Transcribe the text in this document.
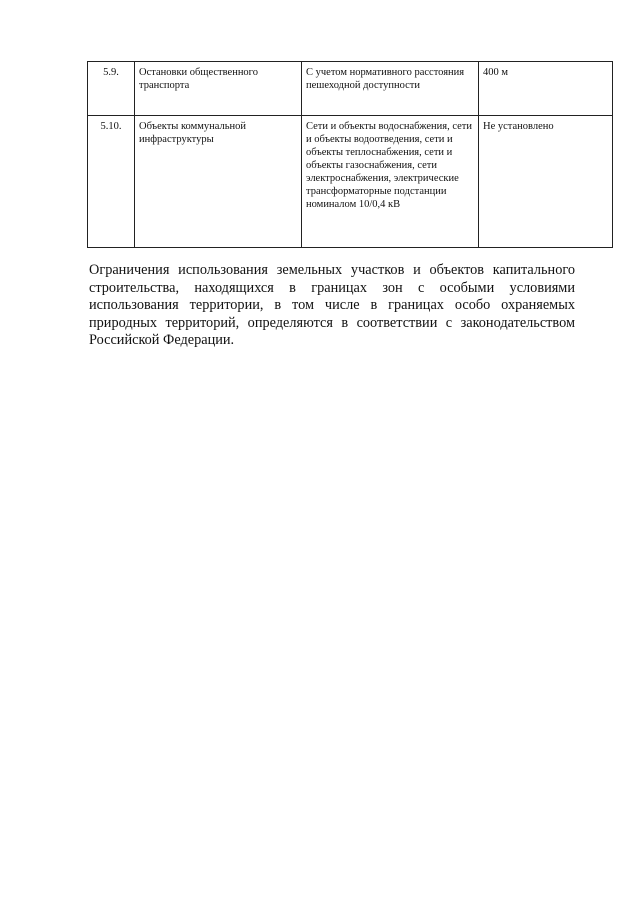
5.9.	Остановки общественного транспорта	С учетом нормативного расстояния пешеходной доступности	400 м
5.10.	Объекты коммунальной инфраструктуры	Сети и объекты водоснабжения, сети и объекты водоотведения, сети и объекты теплоснабжения, сети и объекты газоснабжения, сети электроснабжения, электрические трансформаторные подстанции номиналом 10/0,4 кВ	Не установлено

Ограничения использования земельных участков и объектов капитального строительства, находящихся в границах зон с особыми условиями использования территории, в том числе в границах особо охраняемых природных территорий, определяются в соответствии с законодательством Российской Федерации.
